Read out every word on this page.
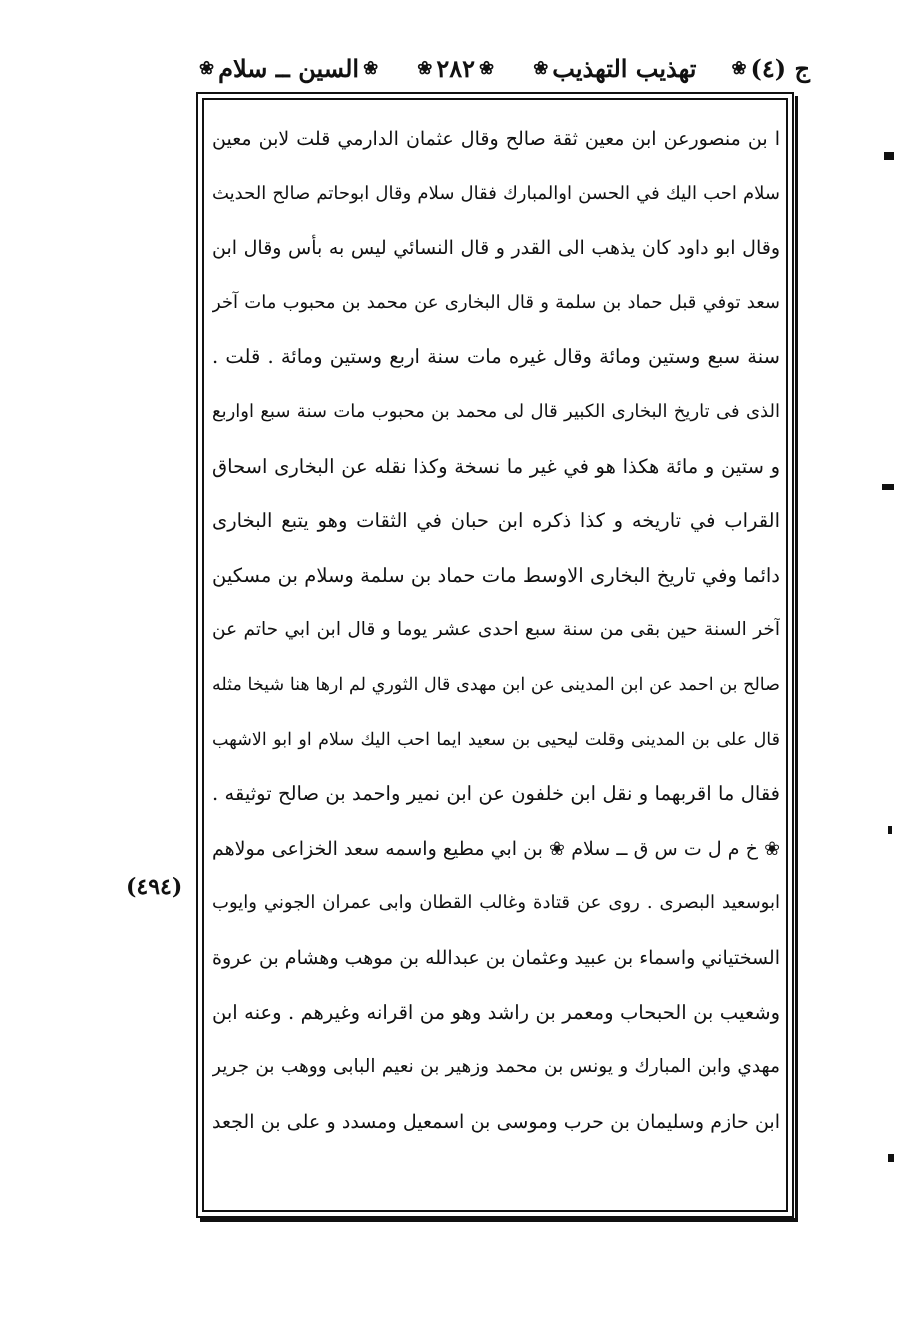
ج (٤)
❀
تهذيب التهذيب
❀
❀
٢٨٢
❀
❀
السين ــ سلام
❀
ا بن منصورعن ابن معين ثقة صالح وقال عثمان الدارمي قلت لابن معين
سلام احب اليك في الحسن اوالمبارك فقال سلام وقال ابوحاتم صالح الحديث
وقال ابو داود كان يذهب الى القدر و قال النسائي ليس به بأس وقال ابن
سعد توفي قبل حماد بن سلمة و قال البخارى عن محمد بن محبوب مات آخر
سنة سبع وستين ومائة وقال غيره مات سنة اربع وستين ومائة . قلت .
الذى فى تاريخ البخارى الكبير قال لى محمد بن محبوب مات سنة سبع اواربع
و ستين و مائة هكذا هو في غير ما نسخة وكذا نقله عن البخارى اسحاق
القراب في تاريخه و كذا ذكره ابن حبان في الثقات وهو يتبع البخارى
دائما وفي تاريخ البخارى الاوسط مات حماد بن سلمة وسلام بن مسكين
آخر السنة حين بقى من سنة سبع احدى عشر يوما و قال ابن ابي حاتم عن
صالح بن احمد عن ابن المدينى عن ابن مهدى قال الثوري لم ارها هنا شيخا مثله
قال على بن المدينى وقلت ليحيى بن سعيد ايما احب اليك سلام او ابو الاشهب
فقال ما اقربهما و نقل ابن خلفون عن ابن نمير واحمد بن صالح توثيقه .
❀ خ م ل ت س ق ــ سلام ❀ بن ابي مطيع واسمه سعد الخزاعى مولاهم
ابوسعيد البصرى . روى عن قتادة وغالب القطان وابى عمران الجوني وايوب
السختياني واسماء بن عبيد وعثمان بن عبدالله بن موهب وهشام بن عروة
وشعيب بن الحبحاب ومعمر بن راشد وهو من اقرانه وغيرهم . وعنه ابن
مهدي وابن المبارك و يونس بن محمد وزهير بن نعيم البابى ووهب بن جرير
ابن حازم وسليمان بن حرب وموسى بن اسمعيل ومسدد و على بن الجعد
(٤٩٤)
